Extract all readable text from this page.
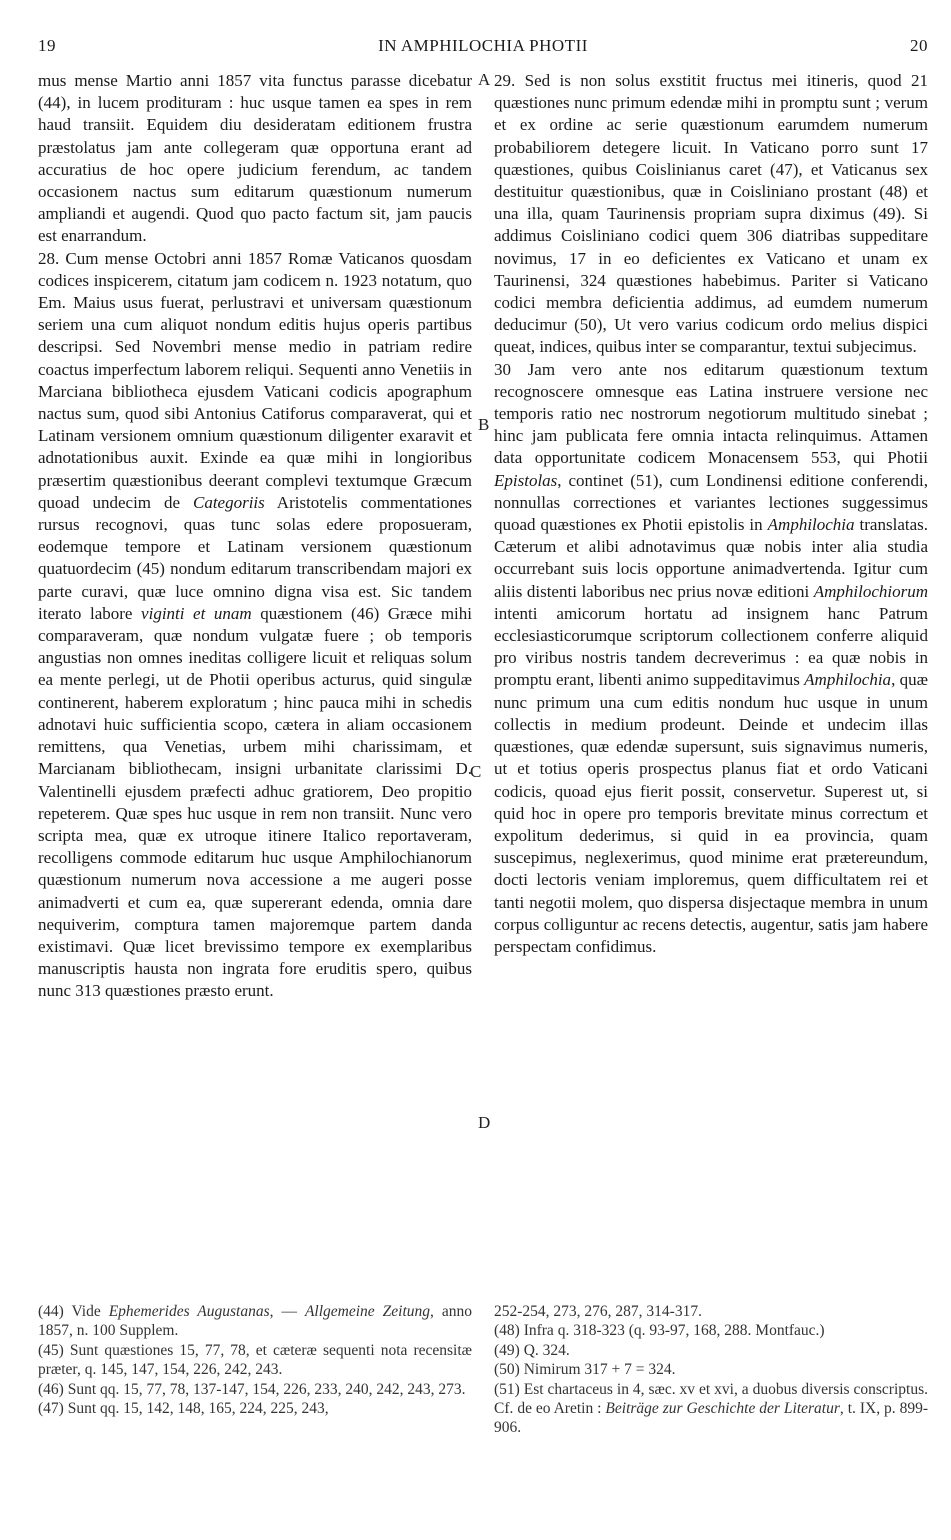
19	IN AMPHILOCHIA PHOTII	20
A
B
C
D

mus mense Martio anni 1857 vita functus parasse dicebatur (44), in lucem prodituram : huc usque tamen ea spes in rem haud transiit. Equidem diu desideratam editionem frustra præstolatus jam ante collegeram quæ opportuna erant ad accuratius de hoc opere judicium ferendum, ac tandem occasionem nactus sum editarum quæstionum numerum ampliandi et augendi. Quod quo pacto factum sit, jam paucis est enarrandum.

28. Cum mense Octobri anni 1857 Romæ Vaticanos quosdam codices inspicerem, citatum jam codicem n. 1923 notatum, quo Em. Maius usus fuerat, perlustravi et universam quæstionum seriem una cum aliquot nondum editis hujus operis partibus descripsi. Sed Novembri mense medio in patriam redire coactus imperfectum laborem reliqui. Sequenti anno Venetiis in Marciana bibliotheca ejusdem Vaticani codicis apographum nactus sum, quod sibi Antonius Catiforus comparaverat, qui et Latinam versionem omnium quæstionum diligenter exaravit et adnotationibus auxit. Exinde ea quæ mihi in longioribus præsertim quæstionibus deerant complevi textumque Græcum quoad undecim de Categoriis Aristotelis commentationes rursus recognovi, quas tunc solas edere proposueram, eodemque tempore et Latinam versionem quæstionum quatuordecim (45) nondum editarum transcribendam majori ex parte curavi, quæ luce omnino digna visa est. Sic tandem iterato labore viginti et unam quæstionem (46) Græce mihi comparaveram, quæ nondum vulgatæ fuere ; ob temporis angustias non omnes ineditas colligere licuit et reliquas solum ea mente perlegi, ut de Photii operibus acturus, quid singulæ continerent, haberem exploratum ; hinc pauca mihi in schedis adnotavi huic sufficientia scopo, cætera in aliam occasionem remittens, qua Venetias, urbem mihi charissimam, et Marcianam bibliothecam, insigni urbanitate clarissimi D. Valentinelli ejusdem præfecti adhuc gratiorem, Deo propitio repeterem. Quæ spes huc usque in rem non transiit. Nunc vero scripta mea, quæ ex utroque itinere Italico reportaveram, recolligens commode editarum huc usque Amphilochianorum quæstionum numerum nova accessione a me augeri posse animadverti et cum ea, quæ supererant edenda, omnia dare nequiverim, compturа tamen majoremque partem danda existimavi. Quæ licet brevissimo tempore ex exemplaribus manuscriptis hausta non ingrata fore eruditis spero, quibus nunc 313 quæstiones præsto erunt.

29. Sed is non solus exstitit fructus mei itineris, quod 21 quæstiones nunc primum edendæ mihi in promptu sunt ; verum et ex ordine ac serie quæstionum earumdem numerum probabiliorem detegere licuit. In Vaticano porro sunt 17 quæstiones, quibus Coislinianus caret (47), et Vaticanus sex destituitur quæstionibus, quæ in Coisliniano prostant (48) et una illa, quam Taurinensis propriam supra diximus (49). Si addimus Coisliniano codici quem 306 diatribas suppeditare novimus, 17 in eo deficientes ex Vaticano et unam ex Taurinensi, 324 quæstiones habebimus. Pariter si Vaticano codici membra deficientia addimus, ad eumdem numerum deducimur (50), Ut vero varius codicum ordo melius dispici queat, indices, quibus inter se comparantur, textui subjecimus.

30 Jam vero ante nos editarum quæstionum textum recognoscere omnesque eas Latina instruere versione nec temporis ratio nec nostrorum negotiorum multitudo sinebat ; hinc jam publicata fere omnia intacta relinquimus. Attamen data opportunitate codicem Monacensem 553, qui Photii Epistolas, continet (51), cum Londinensi editione conferendi, nonnullas correctiones et variantes lectiones suggessimus quoad quæstiones ex Photii epistolis in Amphilochia translatas. Cæterum et alibi adnotavimus quæ nobis inter alia studia occurrebant suis locis opportune animadvertenda. Igitur cum aliis distenti laboribus nec prius novæ editioni Amphilochiorum intenti amicorum hortatu ad insignem hanc Patrum ecclesiasticorumque scriptorum collectionem conferre aliquid pro viribus nostris tandem decreverimus : ea quæ nobis in promptu erant, libenti animo suppeditavimus Amphilochia, quæ nunc primum una cum editis nondum huc usque in unum collectis in medium prodeunt. Deinde et undecim illas quæstiones, quæ edendæ supersunt, suis signavimus numeris, ut et totius operis prospectus planus fiat et ordo Vaticani codicis, quoad ejus fierit possit, conservetur. Superest ut, si quid hoc in opere pro temporis brevitate minus correctum et expolitum dederimus, si quid in ea provincia, quam suscepimus, neglexerimus, quod minime erat prætereundum, docti lectoris veniam imploremus, quem difficultatem rei et tanti negotii molem, quo dispersa disjectaque membra in unum corpus colliguntur ac recens detectis, augentur, satis jam habere perspectam confidimus.

(44) Vide Ephemerides Augustanas, — Allgemeine Zeitung, anno 1857, n. 100 Supplem.

(45) Sunt quæstiones 15, 77, 78, et cæteræ sequenti nota recensitæ præter, q. 145, 147, 154, 226, 242, 243.

(46) Sunt qq. 15, 77, 78, 137-147, 154, 226, 233, 240, 242, 243, 273.

(47) Sunt qq. 15, 142, 148, 165, 224, 225, 243,

252-254, 273, 276, 287, 314-317.

(48) Infra q. 318-323 (q. 93-97, 168, 288. Montfauc.)

(49) Q. 324.

(50) Nimirum 317 + 7 = 324.

(51) Est chartaceus in 4, sæc. xv et xvi, a duobus diversis conscriptus. Cf. de eo Aretin : Beiträge zur Geschichte der Literatur, t. IX, p. 899-906.
